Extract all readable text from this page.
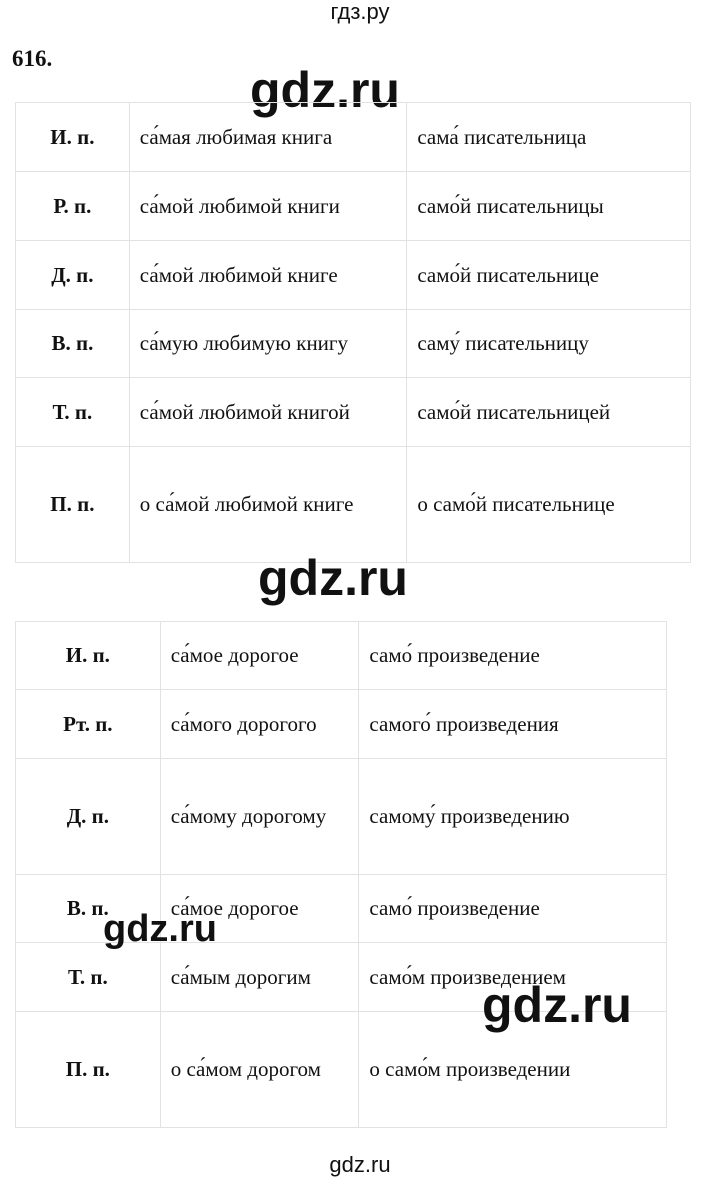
гдз.ру
616.
gdz.ru
И. п.	са́мая любимая книга	сама́ писательница
Р. п.	са́мой любимой книги	само́й писательницы
Д. п.	са́мой любимой книге	само́й писательнице
В. п.	са́мую любимую книгу	саму́ писательницу
Т. п.	са́мой любимой книгой	само́й писательницей
П. п.	о са́мой любимой книге	о само́й писательнице
gdz.ru
И. п.	са́мое дорогое	само́ произведение
Рт. п.	са́мого дорогого	самого́ произведения
Д. п.	са́мому дорогому	самому́ произведению
В. п.	са́мое дорогое	само́ произведение
Т. п.	са́мым дорогим	само́м произведением
П. п.	о са́мом дорогом	о само́м произведении
gdz.ru
gdz.ru
gdz.ru
